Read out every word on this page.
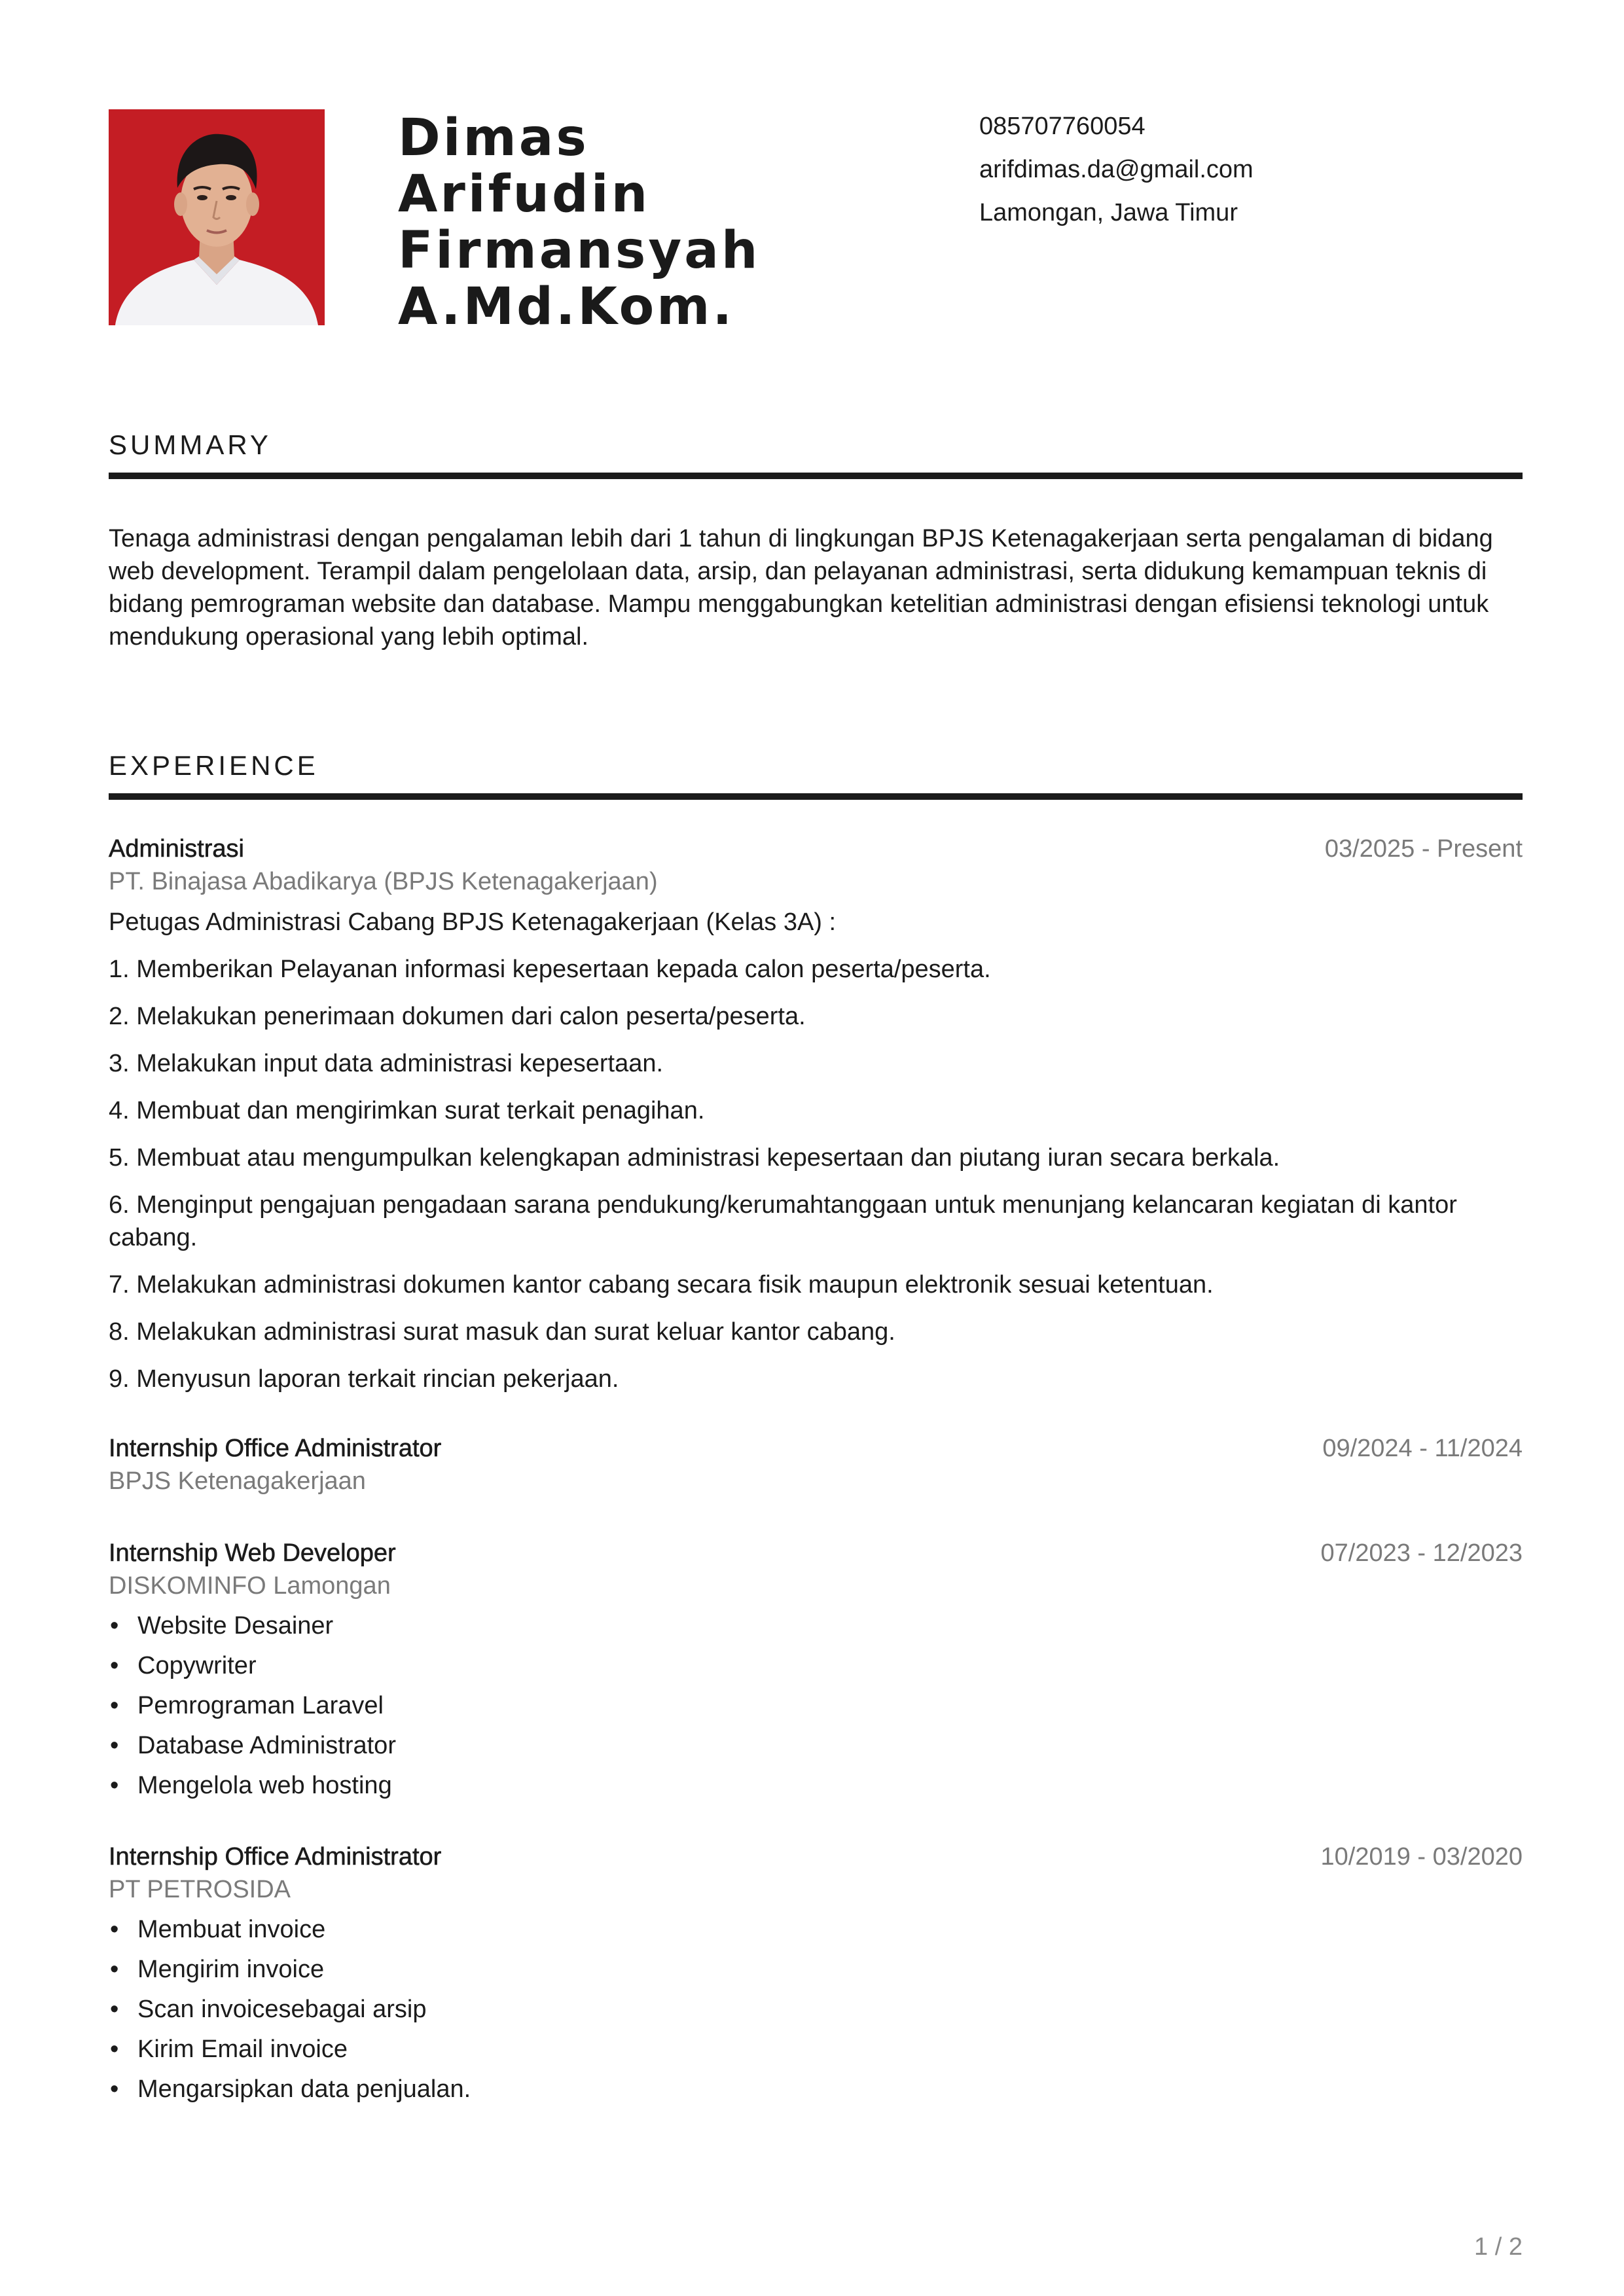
Dimas
Arifudin
Firmansyah
A.Md.Kom.
085707760054
arifdimas.da@gmail.com
Lamongan, Jawa Timur
SUMMARY

Tenaga administrasi dengan pengalaman lebih dari 1 tahun di lingkungan BPJS Ketenagakerjaan serta pengalaman di bidang web development. Terampil dalam pengelolaan data, arsip, dan pelayanan administrasi, serta didukung kemampuan teknis di bidang pemrograman website dan database. Mampu menggabungkan ketelitian administrasi dengan efisiensi teknologi untuk mendukung operasional yang lebih optimal.

EXPERIENCE
Administrasi	03/2025 - Present
PT. Binajasa Abadikarya (BPJS Ketenagakerjaan)
Petugas Administrasi Cabang BPJS Ketenagakerjaan (Kelas 3A) :
1. Memberikan Pelayanan informasi kepesertaan kepada calon peserta/peserta.
2. Melakukan penerimaan dokumen dari calon peserta/peserta.
3. Melakukan input data administrasi kepesertaan.
4. Membuat dan mengirimkan surat terkait penagihan.
5. Membuat atau mengumpulkan kelengkapan administrasi kepesertaan dan piutang iuran secara berkala.
6. Menginput pengajuan pengadaan sarana pendukung/kerumahtanggaan untuk menunjang kelancaran kegiatan di kantor cabang.
7. Melakukan administrasi dokumen kantor cabang secara fisik maupun elektronik sesuai ketentuan.
8. Melakukan administrasi surat masuk dan surat keluar kantor cabang.
9. Menyusun laporan terkait rincian pekerjaan.
Internship Office Administrator	09/2024 - 11/2024
BPJS Ketenagakerjaan
Internship Web Developer	07/2023 - 12/2023
DISKOMINFO Lamongan
• Website Desainer
• Copywriter
• Pemrograman Laravel
• Database Administrator
• Mengelola web hosting
Internship Office Administrator	10/2019 - 03/2020
PT PETROSIDA
• Membuat invoice
• Mengirim invoice
• Scan invoicesebagai arsip
• Kirim Email invoice
• Mengarsipkan data penjualan.
1 / 2
